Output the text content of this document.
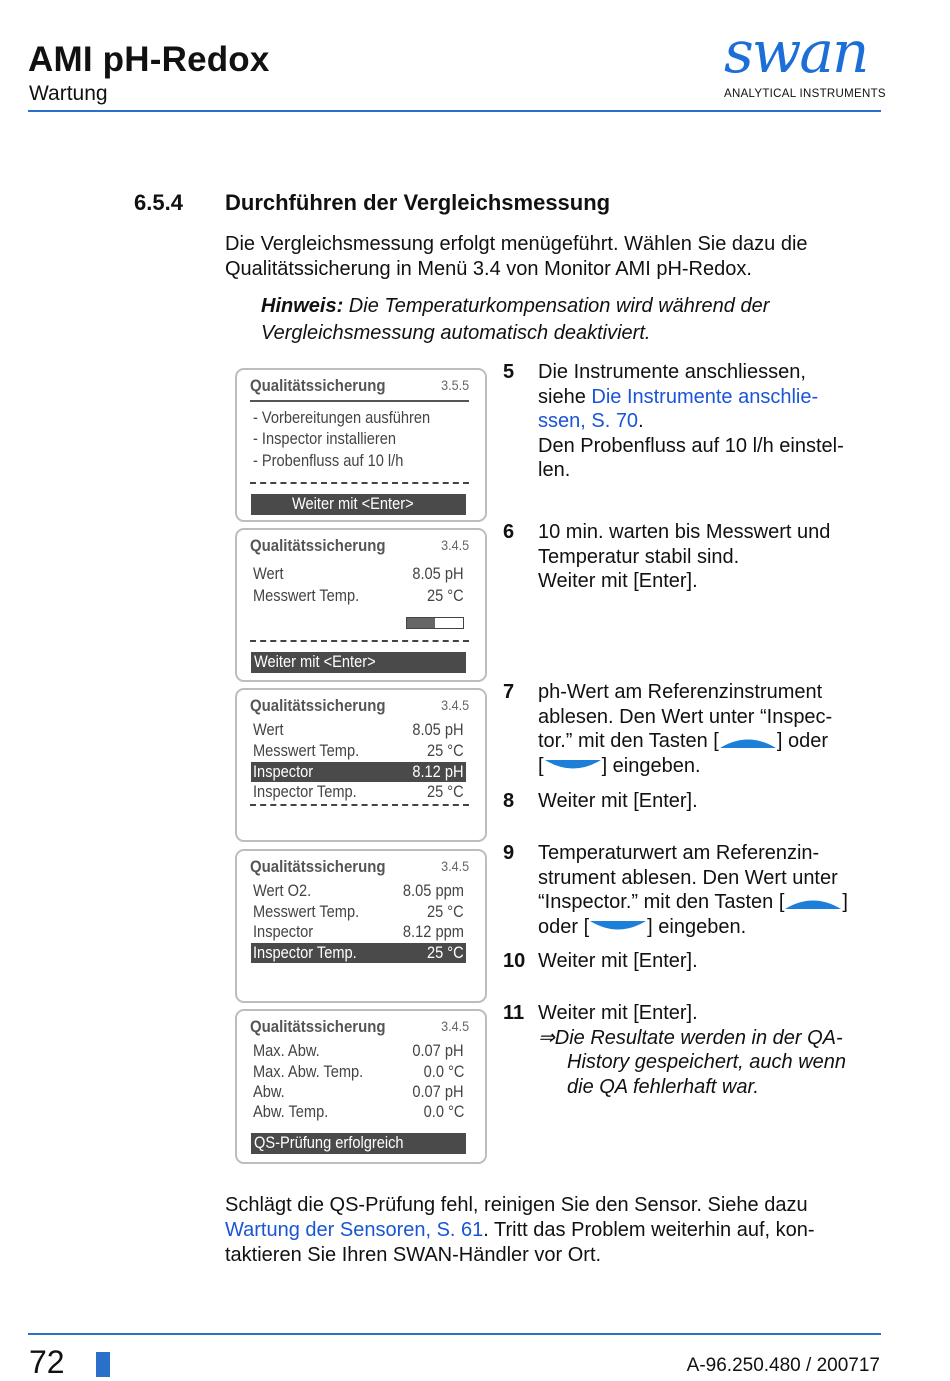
AMI pH-Redox
Wartung
swan
ANALYTICAL INSTRUMENTS
6.5.4 Durchführen der Vergleichsmessung
Die Vergleichsmessung erfolgt menügeführt. Wählen Sie dazu die
Qualitätssicherung in Menü 3.4 von Monitor AMI pH-Redox.
Hinweis: Die Temperaturkompensation wird während der
Vergleichsmessung automatisch deaktiviert.
Qualitätssicherung	3.5.5
- Vorbereitungen ausführen
- Inspector installieren
- Probenfluss auf 10 l/h
Weiter mit <Enter>
Qualitätssicherung	3.4.5
Wert	8.05 pH
Messwert Temp.	25 °C
Weiter mit <Enter>
Qualitätssicherung	3.4.5
Wert	8.05 pH
Messwert Temp.	25 °C
Inspector	8.12 pH
Inspector Temp.	25 °C
Qualitätssicherung	3.4.5
Wert O2.	8.05 ppm
Messwert Temp.	25 °C
Inspector	8.12 ppm
Inspector Temp.	25 °C
Qualitätssicherung	3.4.5
Max. Abw.	0.07 pH
Max. Abw. Temp.	0.0 °C
Abw.	0.07 pH
Abw. Temp.	0.0 °C
QS-Prüfung erfolgreich
5 Die Instrumente anschliessen,
siehe Die Instrumente anschlie-
ssen, S. 70.
Den Probenfluss auf 10 l/h einstel-
len.
6 10 min. warten bis Messwert und
Temperatur stabil sind.
Weiter mit [Enter].
7 ph-Wert am Referenzinstrument
ablesen. Den Wert unter “Inspec-
tor.” mit den Tasten [	] oder
[	] eingeben.
8 Weiter mit [Enter].
9 Temperaturwert am Referenzin-
strument ablesen. Den Wert unter
“Inspector.” mit den Tasten [	]
oder [	] eingeben.
10 Weiter mit [Enter].
11 Weiter mit [Enter].
⇒Die Resultate werden in der QA-
History gespeichert, auch wenn
die QA fehlerhaft war.
Schlägt die QS-Prüfung fehl, reinigen Sie den Sensor. Siehe dazu
Wartung der Sensoren, S. 61. Tritt das Problem weiterhin auf, kon-
taktieren Sie Ihren SWAN-Händler vor Ort.
72	A-96.250.480 / 200717
